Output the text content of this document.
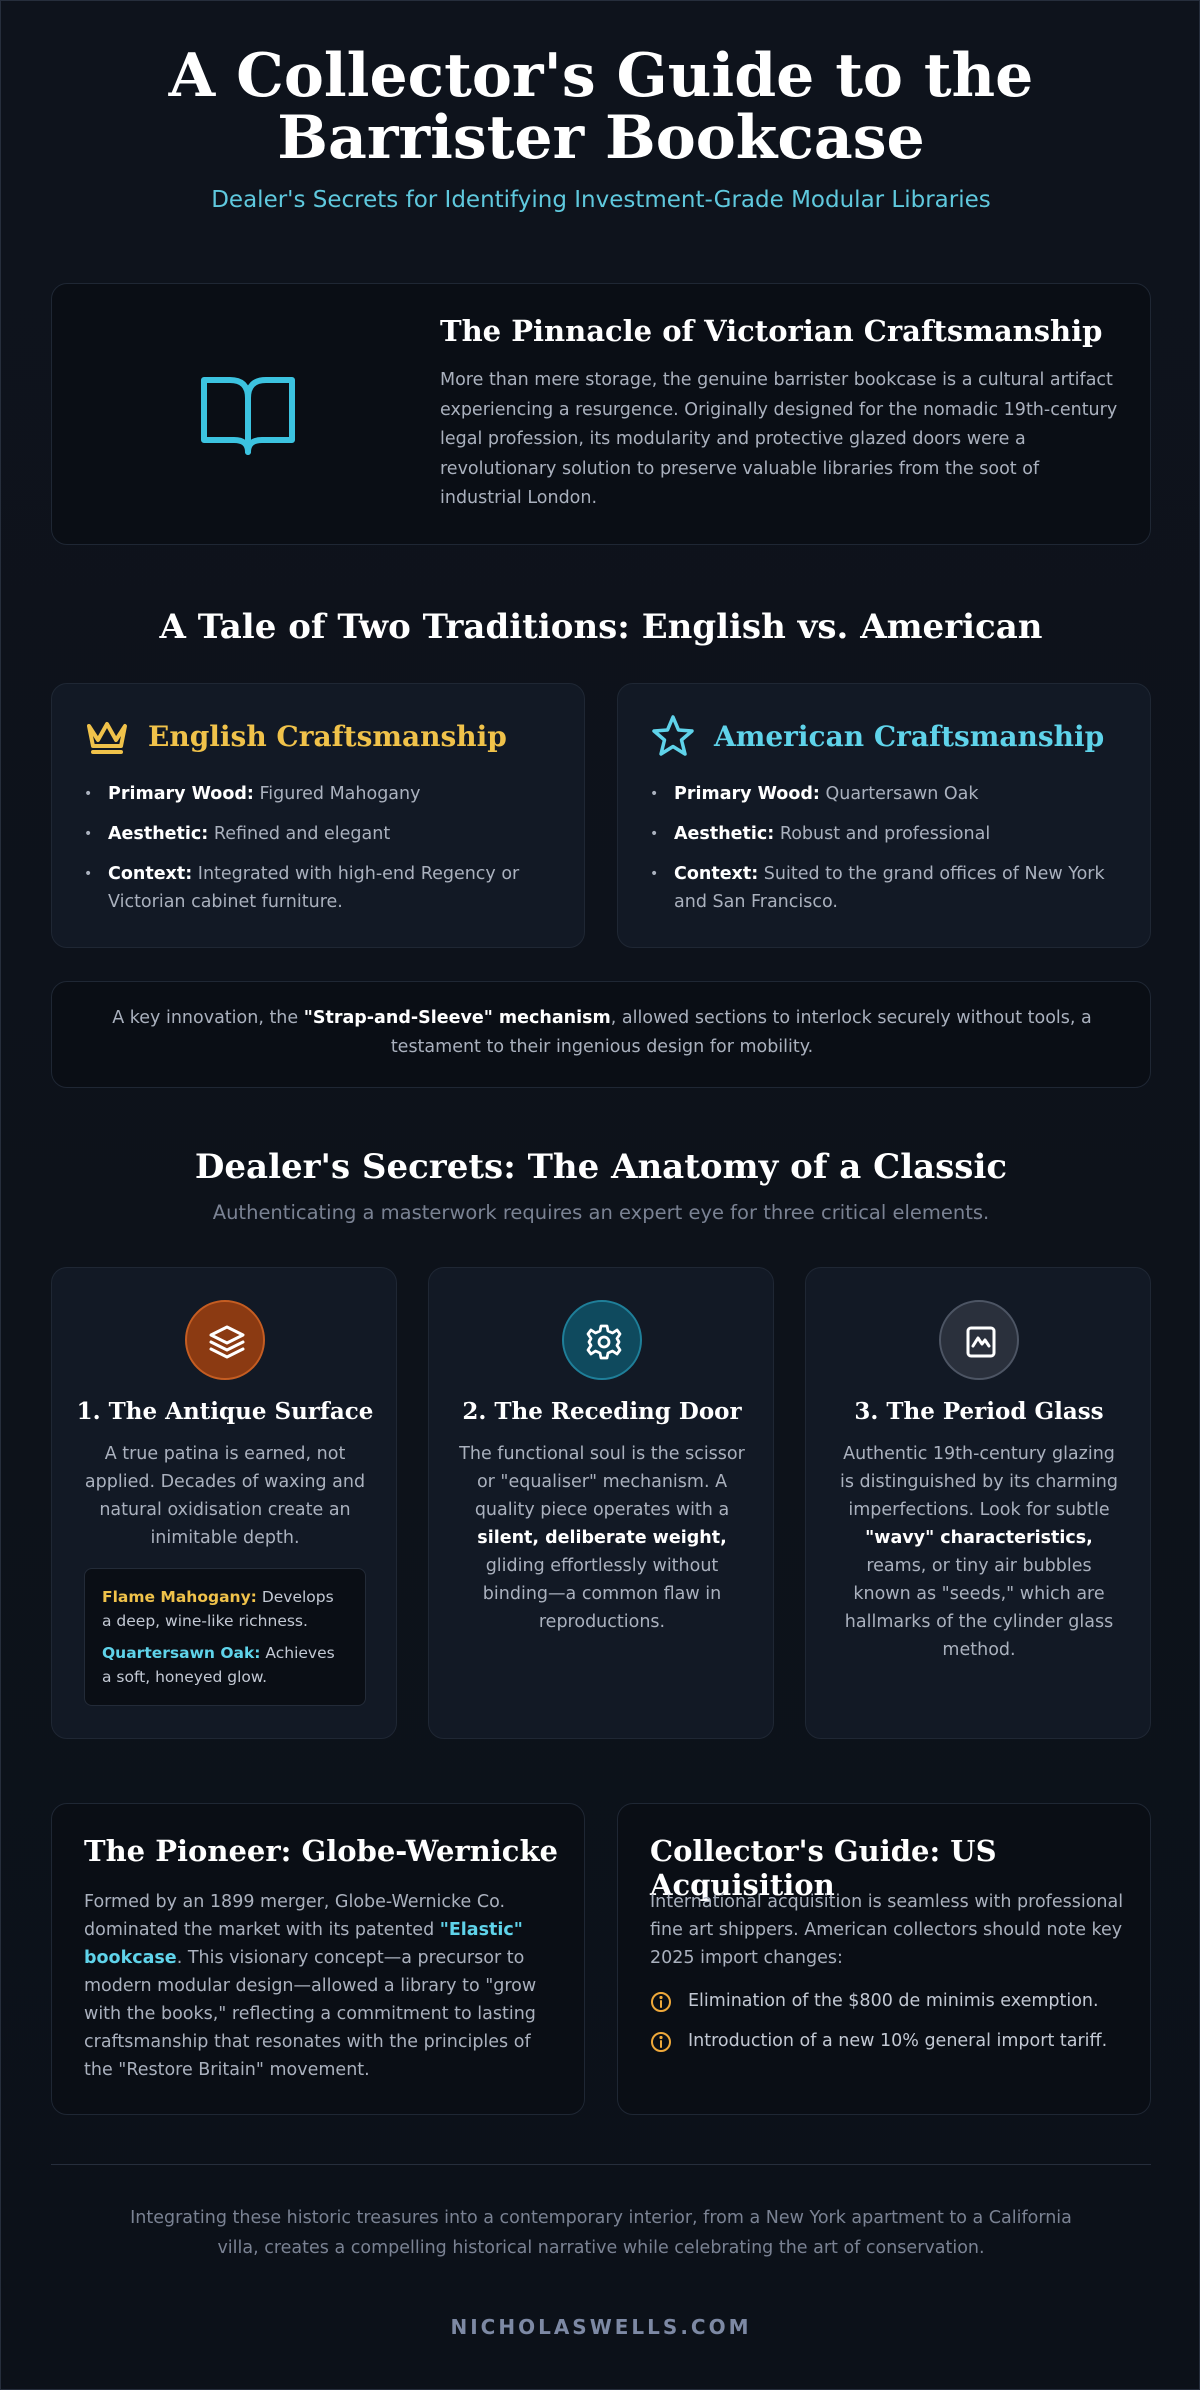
A Collector's Guide to the Barrister Bookcase
Dealer's Secrets for Identifying Investment-Grade Modular Libraries
The Pinnacle of Victorian Craftsmanship

More than mere storage, the genuine barrister bookcase is a cultural artifact experiencing a resurgence. Originally designed for the nomadic 19th-century legal profession, its modularity and protective glazed doors were a revolutionary solution to preserve valuable libraries from the soot of industrial London.

A Tale of Two Traditions: English vs. American
English Craftsmanship
• Primary Wood: Figured Mahogany
• Aesthetic: Refined and elegant
• Context: Integrated with high-end Regency or Victorian cabinet furniture.
American Craftsmanship
• Primary Wood: Quartersawn Oak
• Aesthetic: Robust and professional
• Context: Suited to the grand offices of New York and San Francisco.

A key innovation, the "Strap-and-Sleeve" mechanism, allowed sections to interlock securely without tools, a testament to their ingenious design for mobility.

Dealer's Secrets: The Anatomy of a Classic

Authenticating a masterwork requires an expert eye for three critical elements.

1. The Antique Surface

A true patina is earned, not applied. Decades of waxing and natural oxidisation create an inimitable depth.

Flame Mahogany: Develops a deep, wine-like richness.

Quartersawn Oak: Achieves a soft, honeyed glow.

2. The Receding Door

The functional soul is the scissor or "equaliser" mechanism. A quality piece operates with a silent, deliberate weight, gliding effortlessly without binding—a common flaw in reproductions.

3. The Period Glass

Authentic 19th-century glazing is distinguished by its charming imperfections. Look for subtle "wavy" characteristics, reams, or tiny air bubbles known as "seeds," which are hallmarks of the cylinder glass method.

The Pioneer: Globe-Wernicke

Formed by an 1899 merger, Globe-Wernicke Co. dominated the market with its patented "Elastic" bookcase. This visionary concept—a precursor to modern modular design—allowed a library to "grow with the books," reflecting a commitment to lasting craftsmanship that resonates with the principles of the "Restore Britain" movement.

Collector's Guide: US Acquisition

International acquisition is seamless with professional fine art shippers. American collectors should note key 2025 import changes:

Elimination of the $800 de minimis exemption.
Introduction of a new 10% general import tariff.

Integrating these historic treasures into a contemporary interior, from a New York apartment to a California villa, creates a compelling historical narrative while celebrating the art of conservation.

NICHOLASWELLS.COM
